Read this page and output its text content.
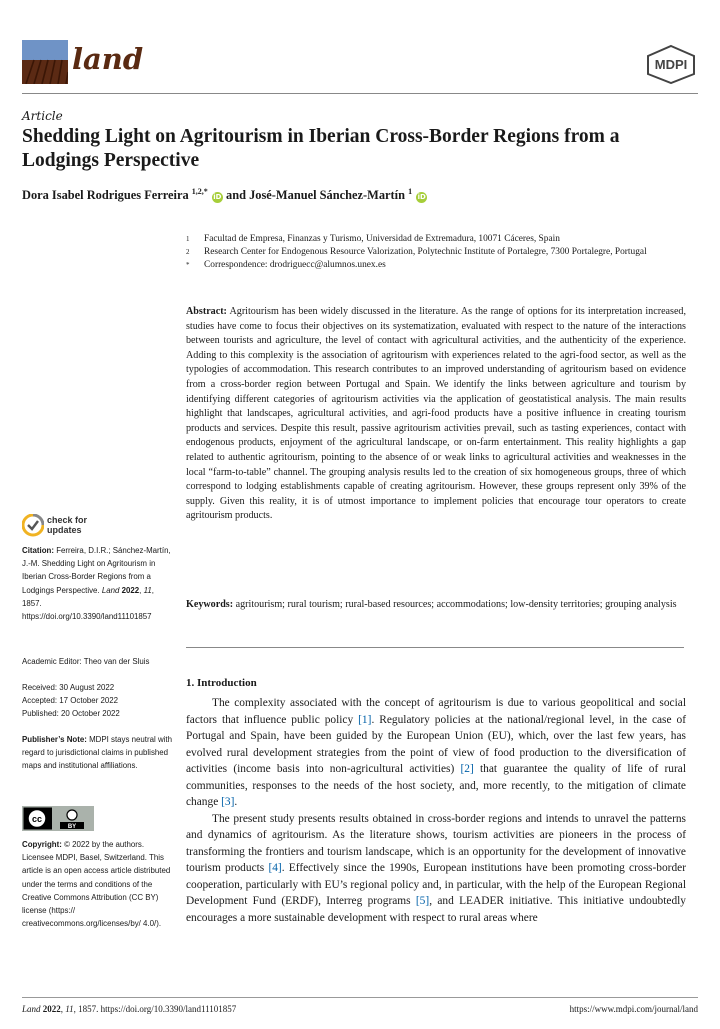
land	MDPI
Article
Shedding Light on Agritourism in Iberian Cross-Border Regions from a Lodgings Perspective
Dora Isabel Rodrigues Ferreira $^{1,2,*}$ iD and José-Manuel Sánchez-Martín $^1$ iD
1 Facultad de Empresa, Finanzas y Turismo, Universidad de Extremadura, 10071 Cáceres, Spain
2 Research Center for Endogenous Resource Valorization, Polytechnic Institute of Portalegre, 7300 Portalegre, Portugal
* Correspondence: drodriguecc@alumnos.unex.es
Abstract: Agritourism has been widely discussed in the literature. As the range of options for its interpretation increased, studies have come to focus their objectives on its systematization, evaluated with respect to the nature of the interactions between tourists and agriculture, the level of contact with agricultural activities, and the authenticity of the experience. Adding to this complexity is the association of agritourism with experiences related to the agri-food sector, as well as the typologies of accommodation. This research contributes to an improved understanding of agritourism based on evidence from a cross-border region between Portugal and Spain. We identify the links between agriculture and tourism by identifying different categories of agritourism activities via the application of geostatistical analysis. The main results highlight that landscapes, agricultural activities, and agri-food products have a positive influence in creating tourism products and services. Despite this result, passive agritourism activities prevail, such as tasting experiences, contact with endogenous products, enjoyment of the agricultural landscape, or on-farm entertainment. This reality highlights a gap related to authentic agritourism, pointing to the absence of or weak links to agricultural activities and weaknesses in the local “farm-to-table” channel. The grouping analysis results led to the creation of six homogeneous groups, three of which correspond to lodging establishments capable of creating agritourism. However, these groups represent only 39% of the supply. Given this reality, it is of utmost importance to implement policies that encourage tour operators to create agritourism products.
Keywords: agritourism; rural tourism; rural-based resources; accommodations; low-density territories; grouping analysis
check for
updates
Citation: Ferreira, D.I.R.; Sánchez-Martín, J.-M. Shedding Light on Agritourism in Iberian Cross-Border Regions from a Lodgings Perspective. Land 2022, 11, 1857. https://doi.org/10.3390/land11101857
Academic Editor: Theo van der Sluis
Received: 30 August 2022
Accepted: 17 October 2022
Published: 20 October 2022
Publisher’s Note: MDPI stays neutral with regard to jurisdictional claims in published maps and institutional affiliations.
cc
BY
Copyright: © 2022 by the authors. Licensee MDPI, Basel, Switzerland. This article is an open access article distributed under the terms and conditions of the Creative Commons Attribution (CC BY) license (https:// creativecommons.org/licenses/by/ 4.0/).
1. Introduction

The complexity associated with the concept of agritourism is due to various geopolitical and social factors that influence public policy [1]. Regulatory policies at the national/regional level, in the case of Portugal and Spain, have been guided by the European Union (EU), which, over the last few years, has evolved rural development strategies from the point of view of food production to the diversification of activities (income basis into non-agricultural activities) [2] that guarantee the quality of life of rural communities, responses to the needs of the host society, and, more recently, to the mitigation of climate change [3].

The present study presents results obtained in cross-border regions and intends to unravel the patterns and dynamics of agritourism. As the literature shows, tourism activities are pioneers in the process of transforming the frontiers and tourism landscape, which is an opportunity for the development of innovative tourism products [4]. Effectively since the 1990s, European institutions have been promoting cross-border cooperation, particularly with EU’s regional policy and, in particular, with the help of the European Regional Development Fund (ERDF), Interreg programs [5], and LEADER initiative. This initiative undoubtedly encourages a more sustainable development with respect to rural areas where

Land 2022, 11, 1857. https://doi.org/10.3390/land11101857	https://www.mdpi.com/journal/land
